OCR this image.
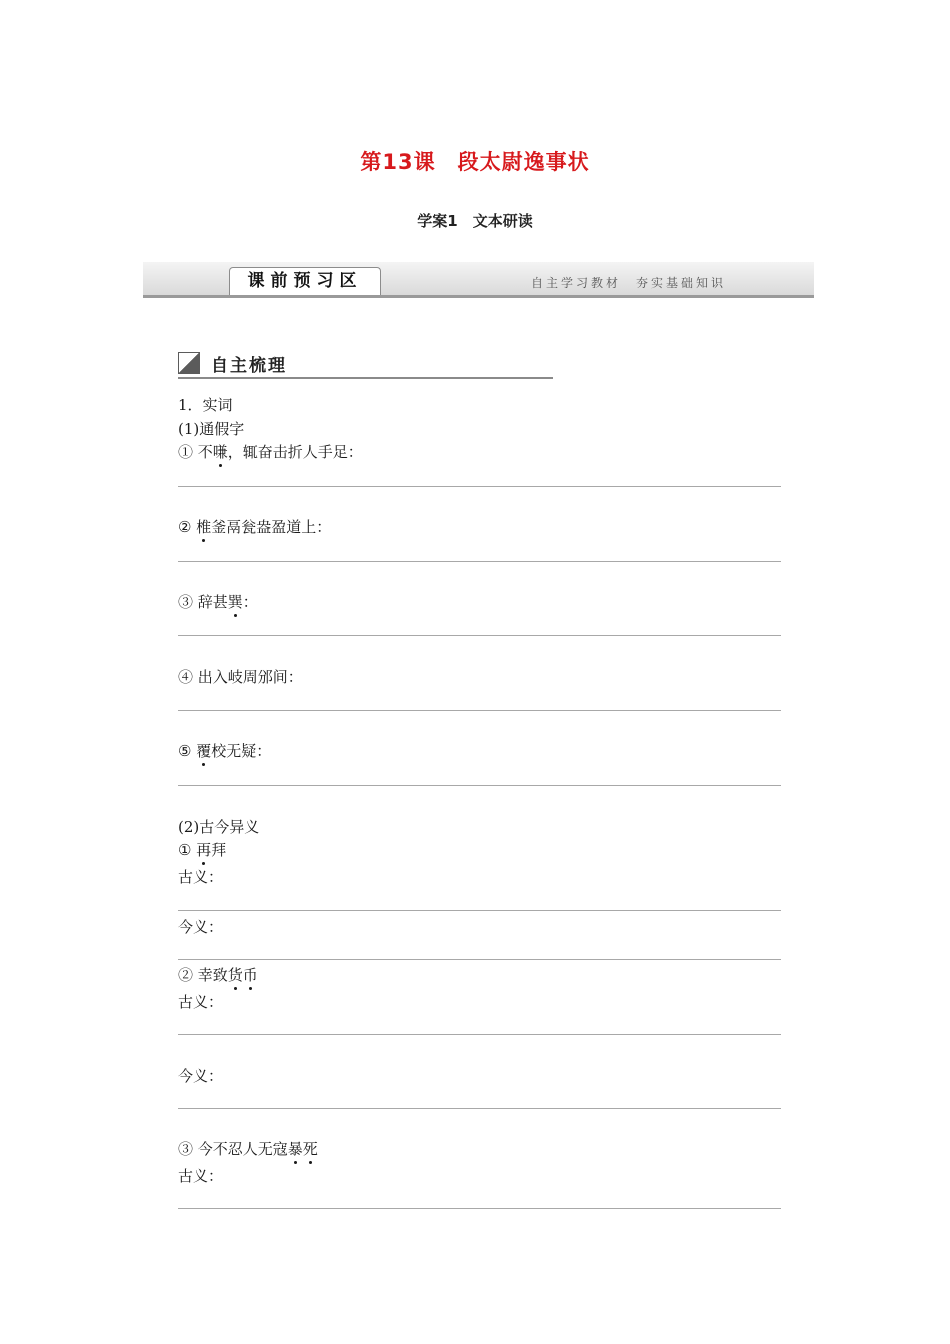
第13课　段太尉逸事状
学案1　文本研读
课前预习区	自主学习教材　夯实基础知识
自主梳理
1．实词
(1)通假字
① 不嗛，辄奋击折人手足：
② 椎釜鬲瓮盎盈道上：
③ 辞甚巽：
④ 出入岐周邠间：
⑤ 覆校无疑：
(2)古今异义
① 再拜
古义：
今义：
② 幸致货币
古义：
今义：
③ 今不忍人无寇暴死
古义：
